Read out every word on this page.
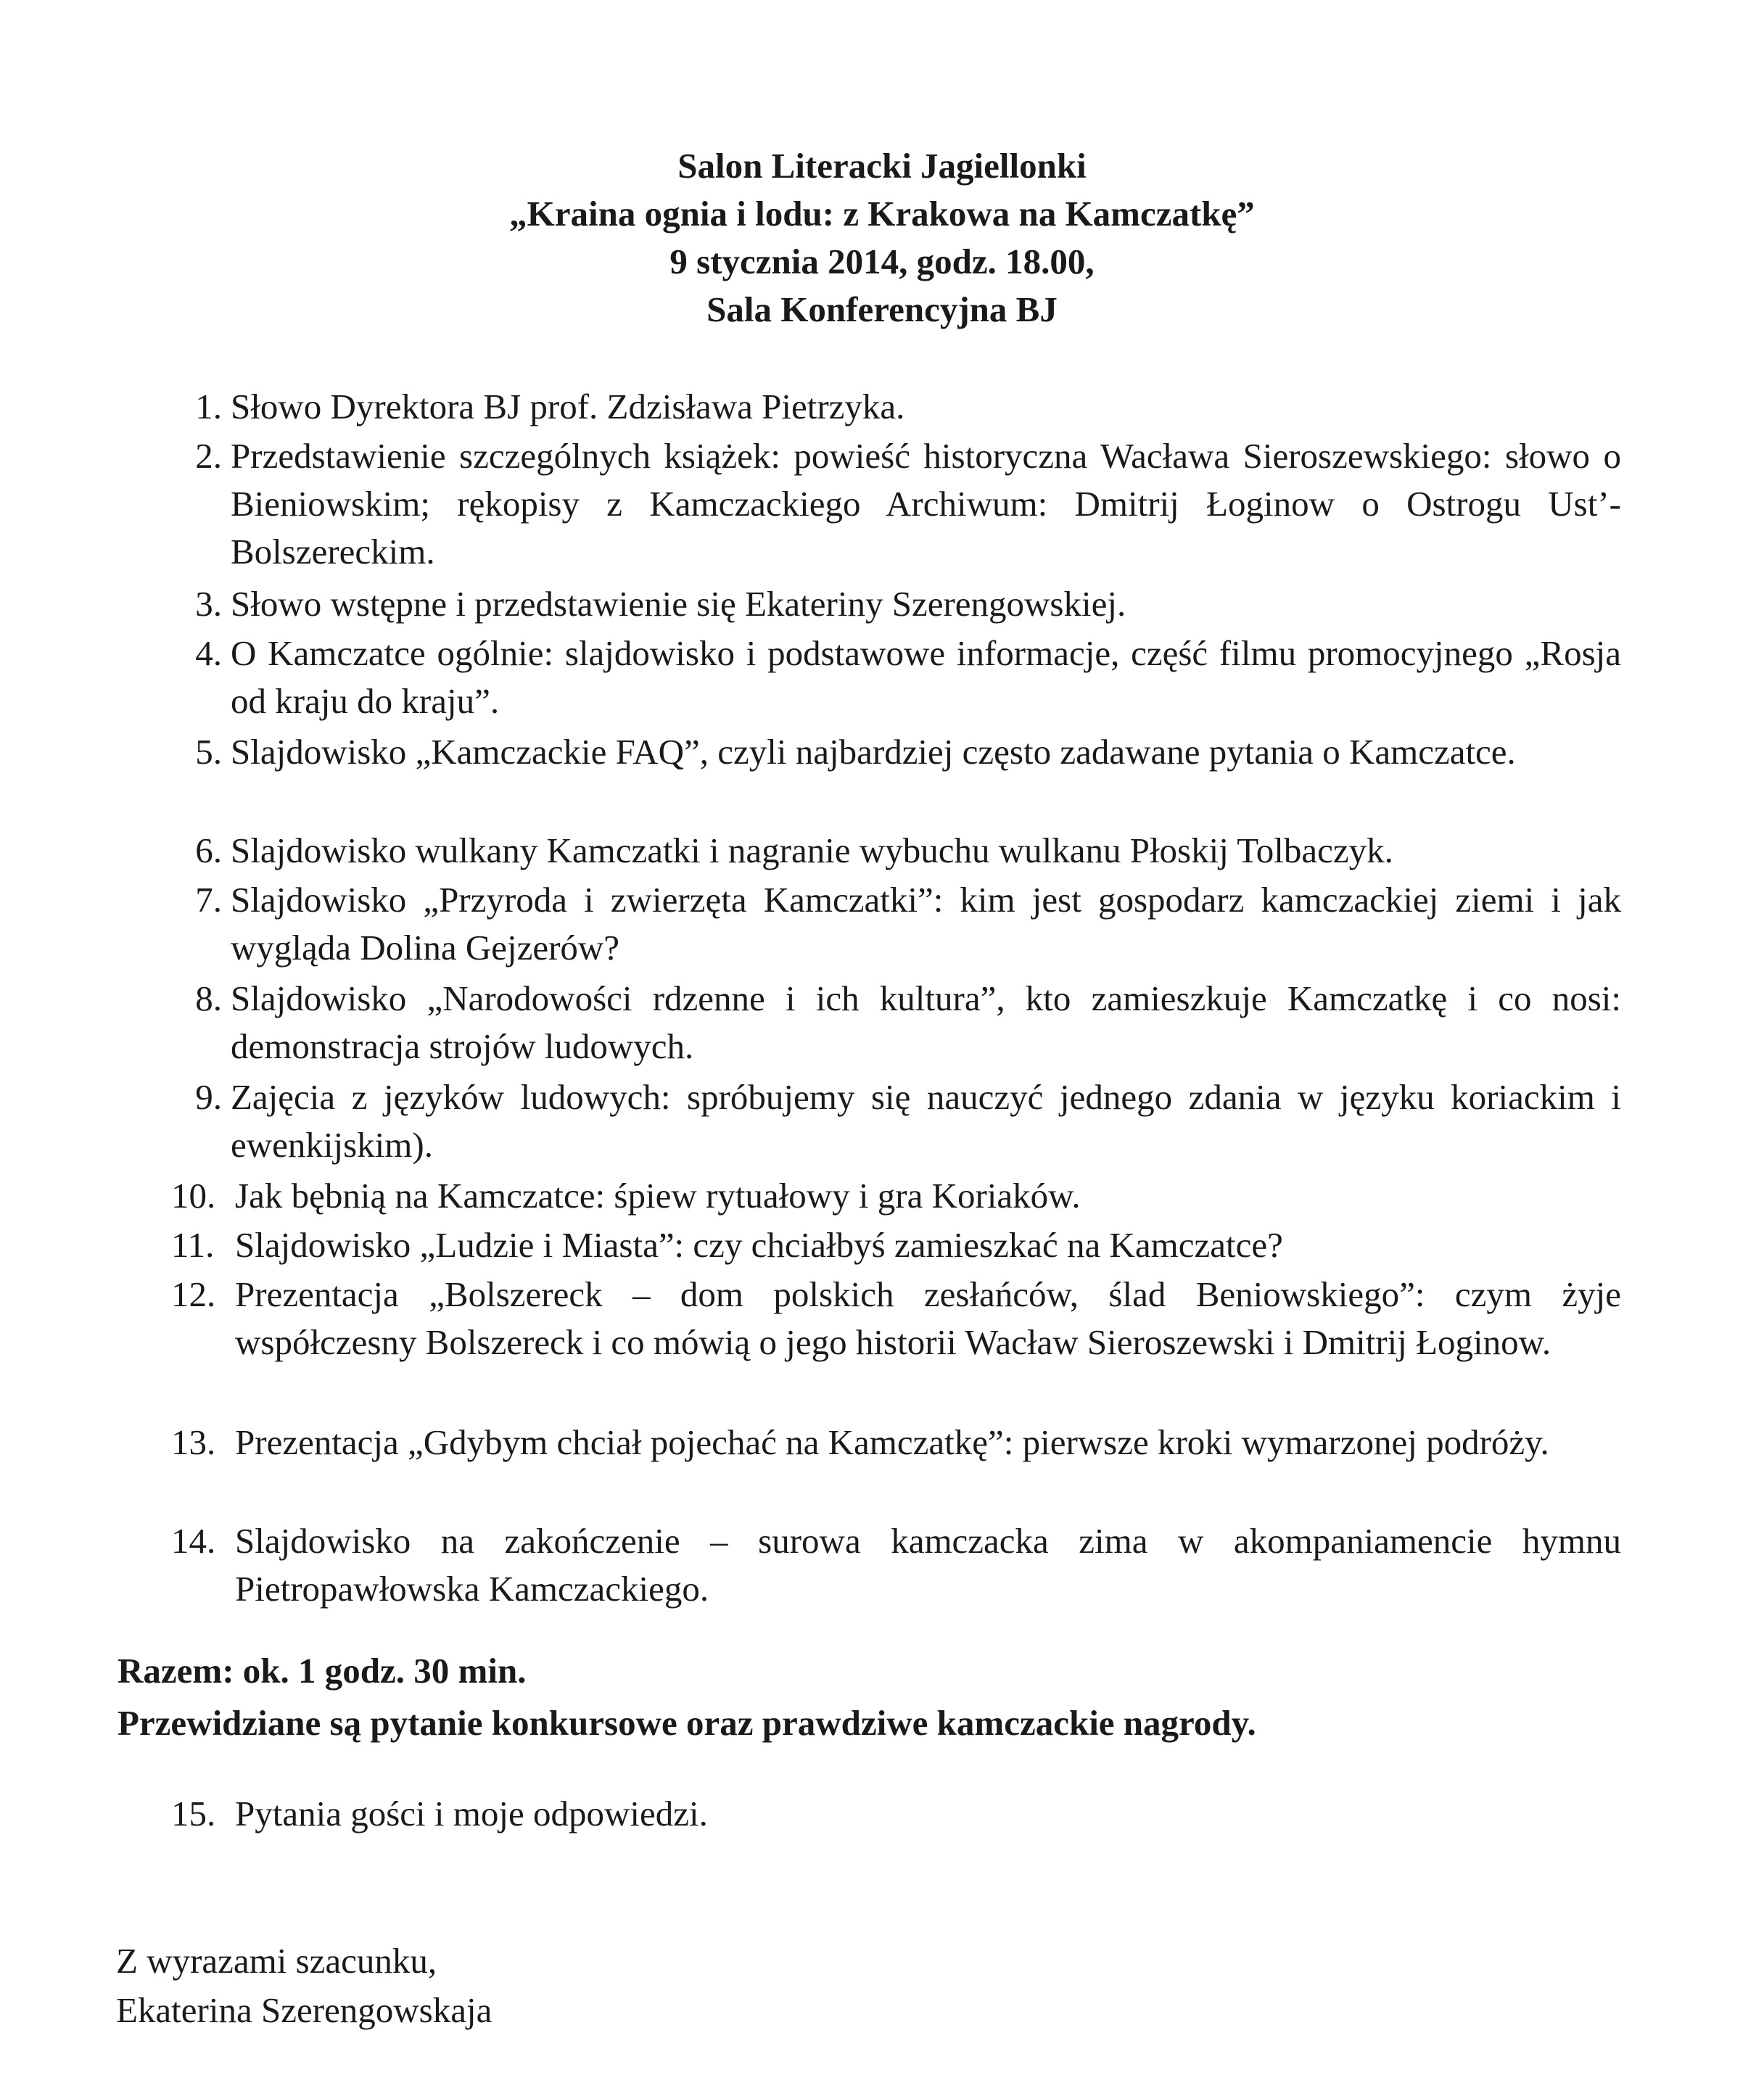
Salon Literacki Jagiellonki
„Kraina ognia i lodu: z Krakowa na Kamczatkę”
9 stycznia 2014, godz. 18.00,
Sala Konferencyjna BJ
1. Słowo Dyrektora BJ prof. Zdzisława Pietrzyka.
2. Przedstawienie szczególnych książek: powieść historyczna Wacława Sieroszewskiego: słowo o Bieniowskim; rękopisy z Kamczackiego Archiwum: Dmitrij Łoginow o Ostrogu Ust’-Bolszereckim.
3. Słowo wstępne i przedstawienie się Ekateriny Szerengowskiej.
4. O Kamczatce ogólnie: slajdowisko i podstawowe informacje, część filmu promocyjnego „Rosja od kraju do kraju”.
5. Slajdowisko „Kamczackie FAQ”, czyli najbardziej często zadawane pytania o Kamczatce.
6. Slajdowisko wulkany Kamczatki i nagranie wybuchu wulkanu Płoskij Tolbaczyk.
7. Slajdowisko „Przyroda i zwierzęta Kamczatki”: kim jest gospodarz kamczackiej ziemi i jak wygląda Dolina Gejzerów?
8. Slajdowisko „Narodowości rdzenne i ich kultura”, kto zamieszkuje Kamczatkę i co nosi: demonstracja strojów ludowych.
9. Zajęcia z języków ludowych: spróbujemy się nauczyć jednego zdania w języku koriackim i ewenkijskim).
10. Jak bębnią na Kamczatce: śpiew rytuałowy i gra Koriaków.
11. Slajdowisko „Ludzie i Miasta”: czy chciałbyś zamieszkać na Kamczatce?
12. Prezentacja „Bolszereck – dom polskich zesłańców, ślad Beniowskiego”: czym żyje współczesny Bolszereck i co mówią o jego historii Wacław Sieroszewski i Dmitrij Łoginow.
13. Prezentacja „Gdybym chciał pojechać na Kamczatkę”: pierwsze kroki wymarzonej podróży.
14. Slajdowisko na zakończenie – surowa kamczacka zima w akompaniamencie hymnu Pietropawłowska Kamczackiego.
Razem: ok. 1 godz. 30 min.
Przewidziane są pytanie konkursowe oraz prawdziwe kamczackie nagrody.
15. Pytania gości i moje odpowiedzi.
Z wyrazami szacunku,
Ekaterina Szerengowskaja
